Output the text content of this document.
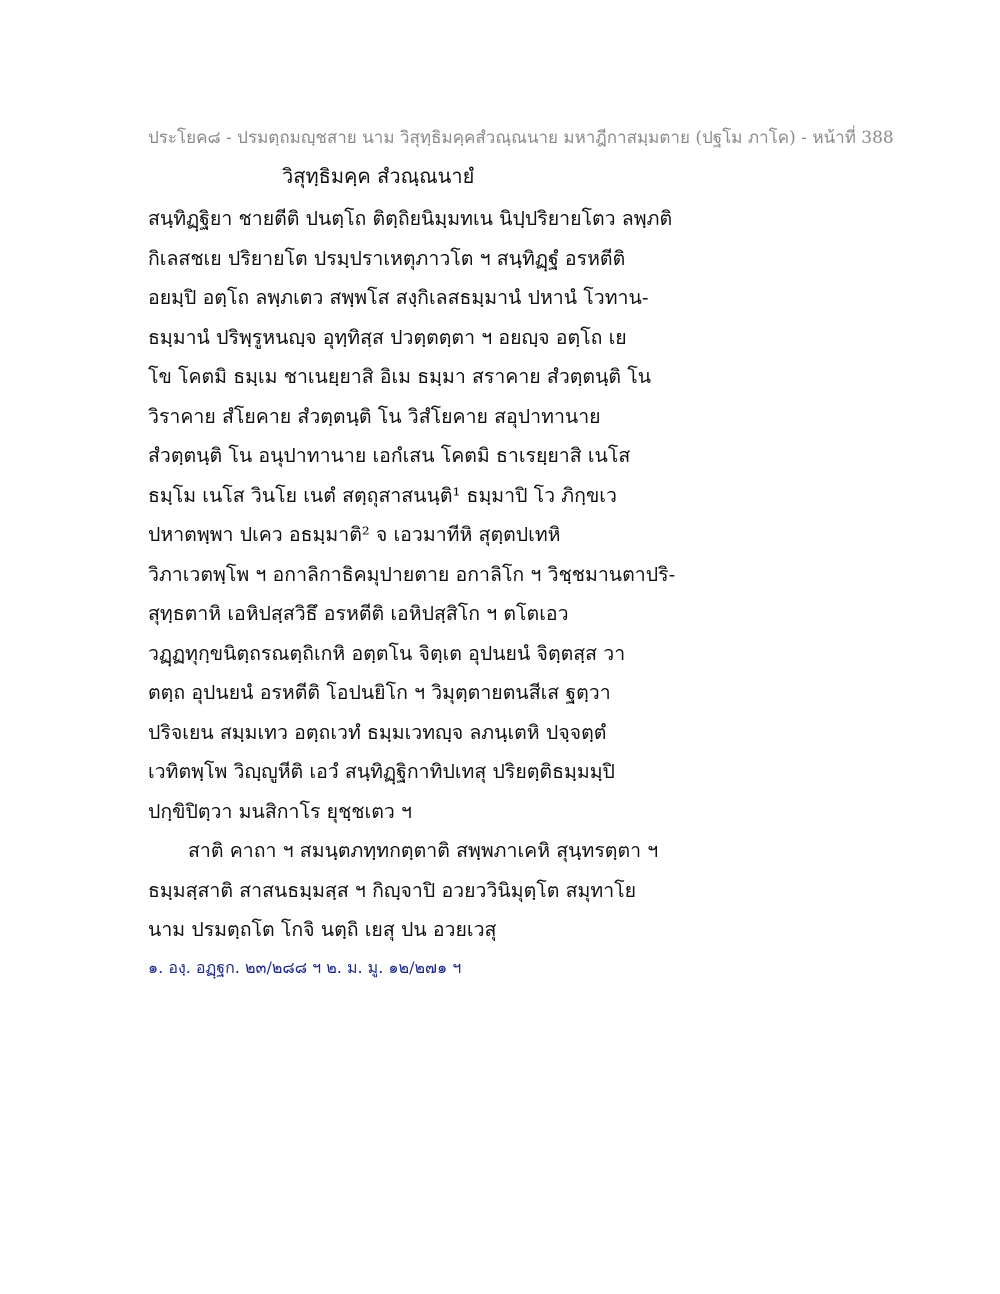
ประโยค๘ - ปรมตฺถมญฺชสาย นาม วิสุทฺธิมคฺคสํวณฺณนาย มหาฎีกาสมฺมตาย (ปฐโม ภาโค) - หน้าที่ 388
วิสุทฺธิมคฺค สํวณฺณนายํ
สนฺทิฏฺฐิยา ชายตีติ ปนตฺโถ ติตฺถิยนิมฺมทเน นิปฺปริยายโตว ลพฺภติ
กิเลสชเย ปริยายโต ปรมฺปราเหตุภาวโต ฯ สนฺทิฏฺฐํ อรหตีติ
อยมฺปิ อตฺโถ ลพฺภเตว สพฺพโส สงฺกิเลสธมฺมานํ ปหานํ โวทาน-
ธมฺมานํ ปริพฺรูหนญฺจ อุทฺทิสฺส ปวตฺตตฺตา ฯ อยญฺจ อตฺโถ เย
โข โคตมิ ธมฺเม ชาเนยฺยาสิ อิเม ธมฺมา สราคาย สํวตฺตนฺติ โน
วิราคาย สํโยคาย สํวตฺตนฺติ โน วิสํโยคาย สอุปาทานาย
สํวตฺตนฺติ โน อนุปาทานาย เอกํเสน โคตมิ ธาเรยฺยาสิ เนโส
ธมฺโม เนโส วินโย เนตํ สตฺถุสาสนนฺติ¹ ธมฺมาปิ โว ภิกฺขเว
ปหาตพฺพา ปเคว อธมฺมาติ² จ เอวมาทีหิ สุตฺตปเทหิ
วิภาเวตพฺโพ ฯ อกาลิกาธิคมุปายตาย อกาลิโก ฯ วิชฺชมานตาปริ-
สุทฺธตาหิ เอหิปสฺสวิธึ อรหตีติ เอหิปสฺสิโก ฯ ตโตเอว
วฏฺฏทุกฺขนิตฺถรณตฺถิเกหิ อตฺตโน จิตฺเต อุปนยนํ จิตฺตสฺส วา
ตตฺถ อุปนยนํ อรหตีติ โอปนยิโก ฯ วิมุตฺตายตนสีเส ฐตฺวา
ปริจเยน สมฺมเทว อตฺถเวทํ ธมฺมเวทญฺจ ลภนฺเตหิ ปจฺจตฺตํ
เวทิตพฺโพ วิญฺญูหีติ เอวํ สนฺทิฏฺฐิกาทิปเทสุ ปริยตฺติธมฺมมฺปิ
ปกฺขิปิตฺวา มนสิกาโร ยุชฺชเตว ฯ
สาติ คาถา ฯ สมนฺตภทฺทกตฺตาติ สพฺพภาเคหิ สุนฺทรตฺตา ฯ
ธมฺมสฺสาติ สาสนธมฺมสฺส ฯ กิญฺจาปิ อวยววินิมุตฺโต สมุทาโย
นาม ปรมตฺถโต โกจิ นตฺถิ เยสุ ปน อวยเวสุ
๑. องฺ. อฏฺฐก. ๒๓/๒๘๘ ฯ ๒. ม. มู. ๑๒/๒๗๑ ฯ
